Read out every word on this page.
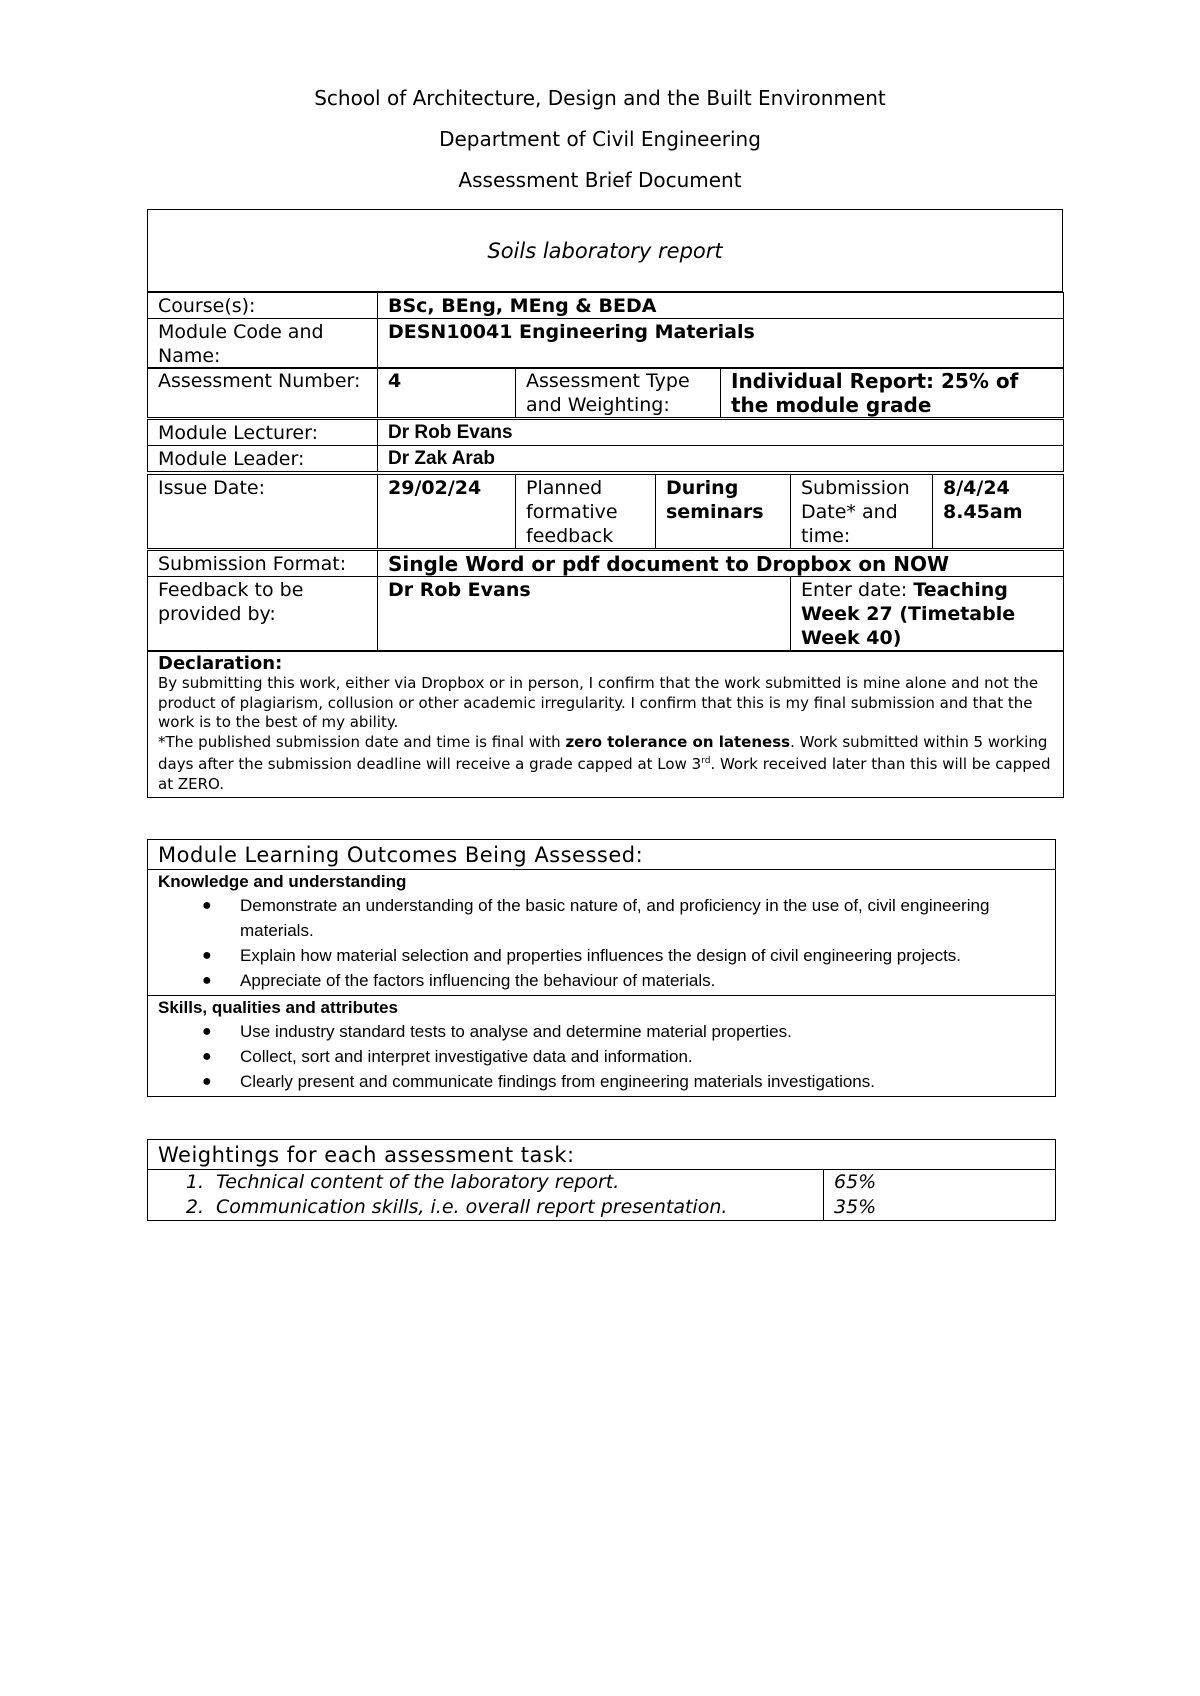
School of Architecture, Design and the Built Environment
Department of Civil Engineering
Assessment Brief Document
Soils laboratory report
Course(s):	BSc, BEng, MEng & BEDA
Module Code and Name:	DESN10041 Engineering Materials
Assessment Number:	4	Assessment Type and Weighting:	Individual Report: 25% of the module grade
Module Lecturer:	Dr Rob Evans
Module Leader:	Dr Zak Arab
Issue Date:	29/02/24	Planned formative feedback	During seminars	Submission Date* and time:	8/4/24 8.45am
Submission Format:	Single Word or pdf document to Dropbox on NOW
Feedback to be provided by:	Dr Rob Evans	Enter date: Teaching Week 27 (Timetable Week 40)
Declaration:
By submitting this work, either via Dropbox or in person, I confirm that the work submitted is mine alone and not the product of plagiarism, collusion or other academic irregularity. I confirm that this is my final submission and that the work is to the best of my ability.
*The published submission date and time is final with zero tolerance on lateness. Work submitted within 5 working days after the submission deadline will receive a grade capped at Low 3rd. Work received later than this will be capped at ZERO.
Module Learning Outcomes Being Assessed:

Knowledge and understanding
● Demonstrate an understanding of the basic nature of, and proficiency in the use of, civil engineering materials.
● Explain how material selection and properties influences the design of civil engineering projects.
● Appreciate of the factors influencing the behaviour of materials.

Skills, qualities and attributes
● Use industry standard tests to analyse and determine material properties.
● Collect, sort and interpret investigative data and information.
● Clearly present and communicate findings from engineering materials investigations.
Weightings for each assessment task:	
1. Technical content of the laboratory report.	65%
2. Communication skills, i.e. overall report presentation.	35%
